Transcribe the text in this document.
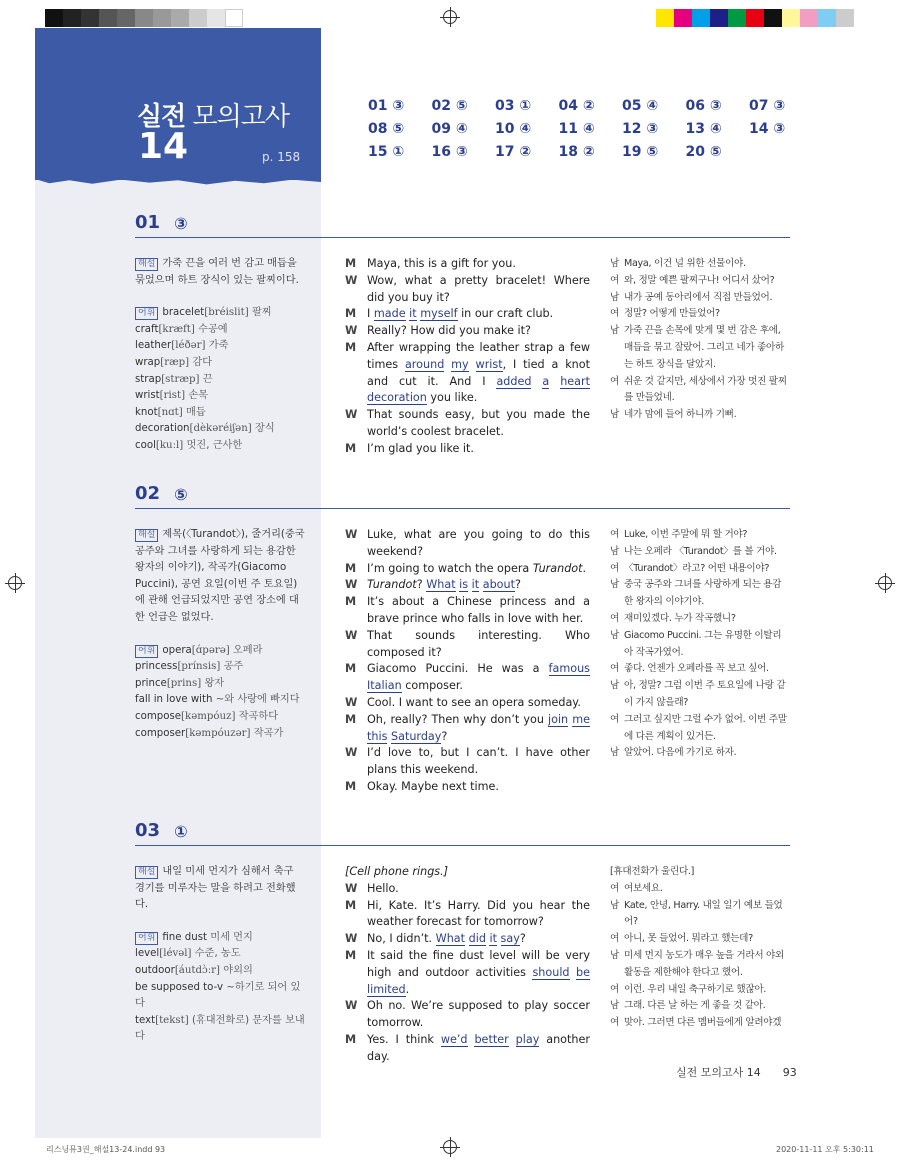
실전 모의고사
14	p. 158
01 ③	02 ⑤	03 ①	04 ②	05 ④	06 ③	07 ③
08 ⑤	09 ④	10 ④	11 ④	12 ③	13 ④	14 ③
15 ①	16 ③	17 ②	18 ②	19 ⑤	20 ⑤
01 ③
해설 가죽 끈을 여러 번 감고 매듭을 묶었으며 하트 장식이 있는 팔찌이다.
어휘 bracelet[bréislit] 팔찌
craft[kræft] 수공예
leather[léðər] 가죽
wrap[ræp] 감다
strap[stræp] 끈
wrist[rist] 손목
knot[nɑt] 매듭
decoration[dèkəréiʃən] 장식
cool[kuːl] 멋진, 근사한
M Maya, this is a gift for you.
W Wow, what a pretty bracelet! Where did you buy it?
M I made it myself in our craft club.
W Really? How did you make it?
M After wrapping the leather strap a few times around my wrist, I tied a knot and cut it. And I added a heart decoration you like.
W That sounds easy, but you made the world’s coolest bracelet.
M I’m glad you like it.
남 Maya, 이건 널 위한 선물이야.
여 와, 정말 예쁜 팔찌구나! 어디서 샀어?
남 내가 공예 동아리에서 직접 만들었어.
여 정말? 어떻게 만들었어?
남 가죽 끈을 손목에 맞게 몇 번 감은 후에, 매듭을 묶고 잘랐어. 그리고 네가 좋아하는 하트 장식을 달았지.
여 쉬운 것 같지만, 세상에서 가장 멋진 팔찌를 만들었네.
남 네가 맘에 들어 하니까 기뻐.
02 ⑤
해설 제목(〈Turandot〉), 줄거리(중국 공주와 그녀를 사랑하게 되는 용감한 왕자의 이야기), 작곡가(Giacomo Puccini), 공연 요일(이번 주 토요일)에 관해 언급되었지만 공연 장소에 대한 언급은 없었다.
어휘 opera[ɑ́pərə] 오페라
princess[prínsis] 공주
prince[prins] 왕자
fall in love with ~와 사랑에 빠지다
compose[kəmpóuz] 작곡하다
composer[kəmpóuzər] 작곡가
W Luke, what are you going to do this weekend?
M I’m going to watch the opera Turandot.
W Turandot? What is it about?
M It’s about a Chinese princess and a brave prince who falls in love with her.
W That sounds interesting. Who composed it?
M Giacomo Puccini. He was a famous Italian composer.
W Cool. I want to see an opera someday.
M Oh, really? Then why don’t you join me this Saturday?
W I’d love to, but I can’t. I have other plans this weekend.
M Okay. Maybe next time.
여 Luke, 이번 주말에 뭐 할 거야?
남 나는 오페라 〈Turandot〉를 볼 거야.
여 〈Turandot〉라고? 어떤 내용이야?
남 중국 공주와 그녀를 사랑하게 되는 용감한 왕자의 이야기야.
여 재미있겠다. 누가 작곡했니?
남 Giacomo Puccini. 그는 유명한 이탈리아 작곡가였어.
여 좋다. 언젠가 오페라를 꼭 보고 싶어.
남 아, 정말? 그럼 이번 주 토요일에 나랑 같이 가지 않을래?
여 그러고 싶지만 그럴 수가 없어. 이번 주말에 다른 계획이 있거든.
남 알았어. 다음에 가기로 하자.
03 ①
해설 내일 미세 먼지가 심해서 축구 경기를 미루자는 말을 하려고 전화했다.
어휘 fine dust 미세 먼지
level[lévəl] 수준, 농도
outdoor[áutdɔ̀ːr] 야외의
be supposed to-v ~하기로 되어 있다
text[tekst] (휴대전화로) 문자를 보내다
[Cell phone rings.]
W Hello.
M Hi, Kate. It’s Harry. Did you hear the weather forecast for tomorrow?
W No, I didn’t. What did it say?
M It said the fine dust level will be very high and outdoor activities should be limited.
W Oh no. We’re supposed to play soccer tomorrow.
M Yes. I think we’d better play another day.
[휴대전화가 울린다.]
여 여보세요.
남 Kate, 안녕, Harry. 내일 일기 예보 들었어?
여 아니, 못 들었어. 뭐라고 했는데?
남 미세 먼지 농도가 매우 높을 거라서 야외 활동을 제한해야 한다고 했어.
여 이런. 우리 내일 축구하기로 했잖아.
남 그래. 다른 날 하는 게 좋을 것 같아.
여 맞아. 그러면 다른 멤버들에게 알려야겠
실전 모의고사 14 93
리스닝뮤3권_해설13-24.indd 93	2020-11-11 오후 5:30:11
